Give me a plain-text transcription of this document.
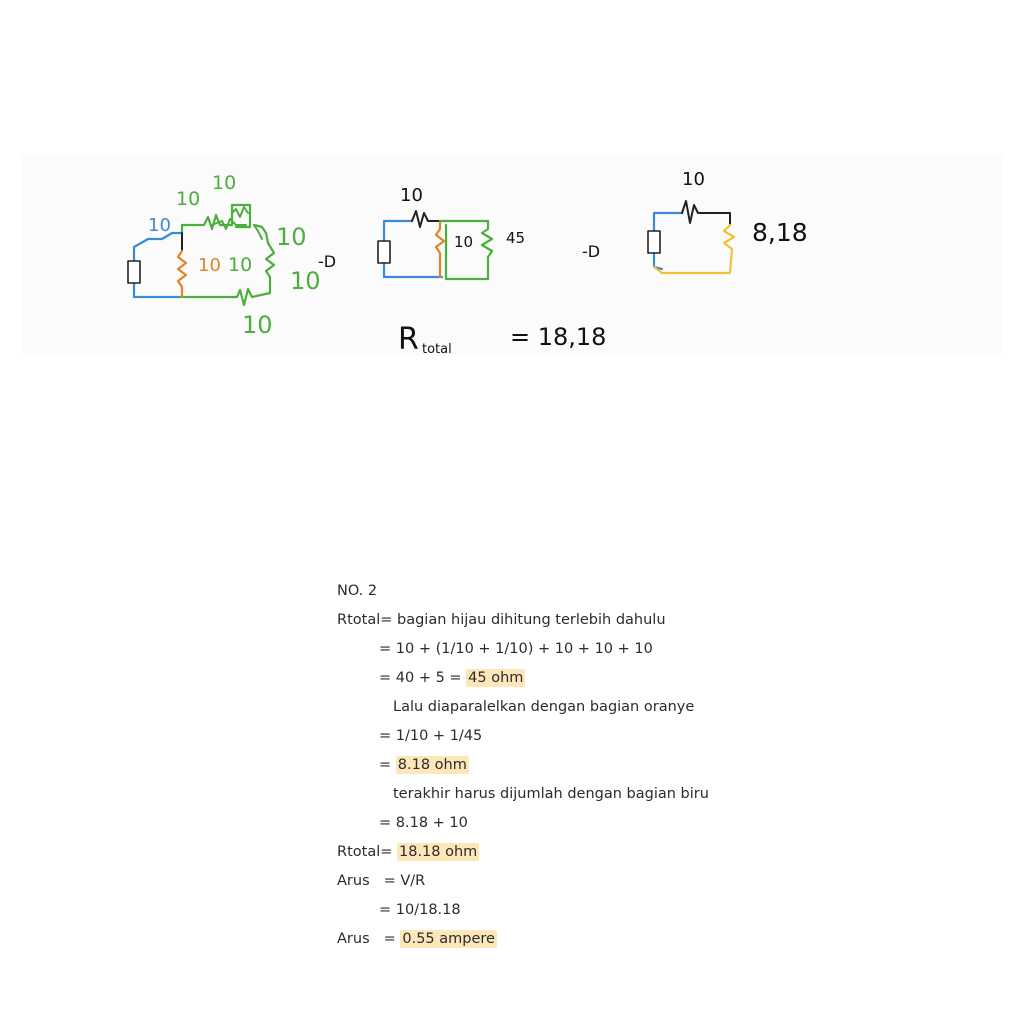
10
10
10
10 10
10
10
10
-D
10
10 45
-D
10
8,18
R total = 18,18
NO. 2
Rtotal= bagian hijau dihitung terlebih dahulu
= 10 + (1/10 + 1/10) + 10 + 10 + 10
= 40 + 5 = 45 ohm
Lalu diaparalelkan dengan bagian oranye
= 1/10 + 1/45
= 8.18 ohm
terakhir harus dijumlah dengan bagian biru
= 8.18 + 10
Rtotal= 18.18 ohm
Arus = V/R
= 10/18.18
Arus = 0.55 ampere
